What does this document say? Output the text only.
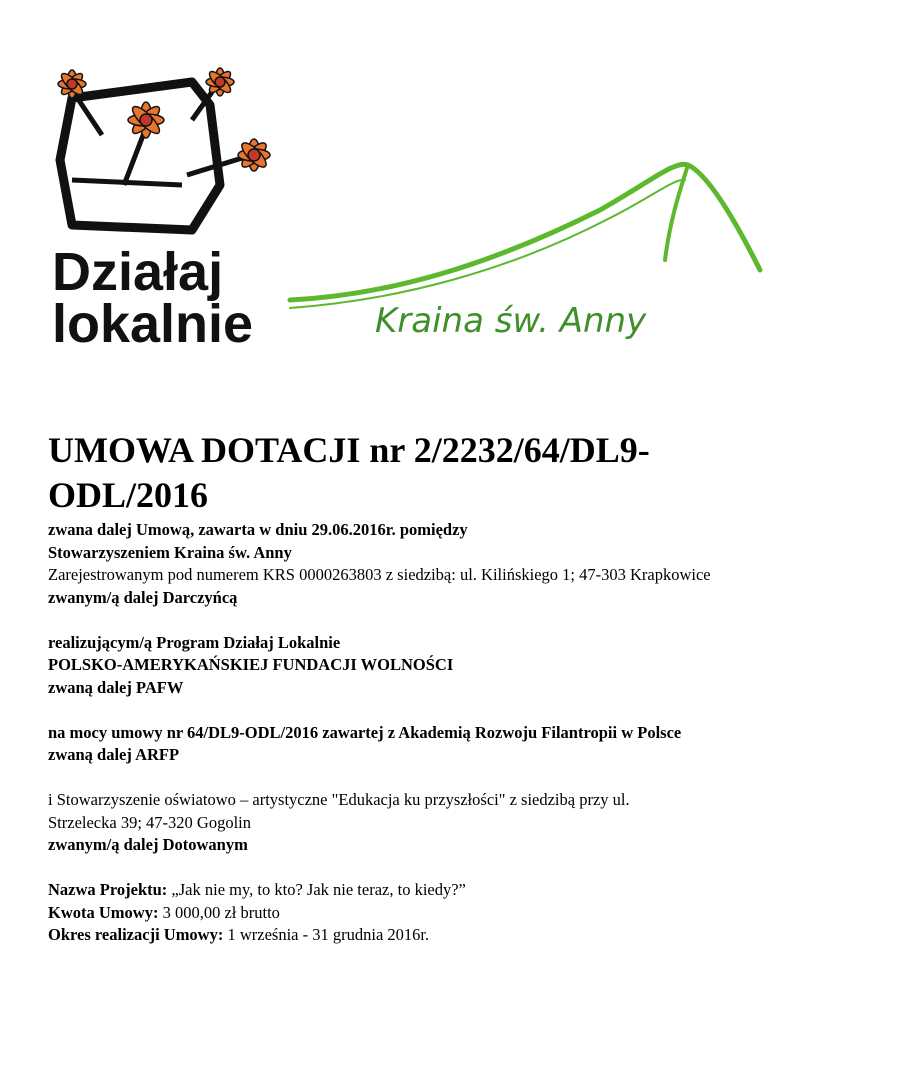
Działaj
lokalnie	Kraina św. Anny
UMOWA DOTACJI nr 2/2232/64/DL9-
ODL/2016
zwana dalej Umową, zawarta w dniu 29.06.2016r. pomiędzy
Stowarzyszeniem Kraina św. Anny
Zarejestrowanym pod numerem KRS 0000263803 z siedzibą: ul. Kilińskiego 1; 47-303 Krapkowice
zwanym/ą dalej Darczyńcą
realizującym/ą Program Działaj Lokalnie
POLSKO-AMERYKAŃSKIEJ FUNDACJI WOLNOŚCI
zwaną dalej PAFW
na mocy umowy nr 64/DL9-ODL/2016 zawartej z Akademią Rozwoju Filantropii w Polsce
zwaną dalej ARFP
i Stowarzyszenie oświatowo – artystyczne "Edukacja ku przyszłości" z siedzibą przy ul.
Strzelecka 39; 47-320 Gogolin
zwanym/ą dalej Dotowanym
Nazwa Projektu: „Jak nie my, to kto? Jak nie teraz, to kiedy?”
Kwota Umowy: 3 000,00 zł brutto
Okres realizacji Umowy: 1 września - 31 grudnia 2016r.
